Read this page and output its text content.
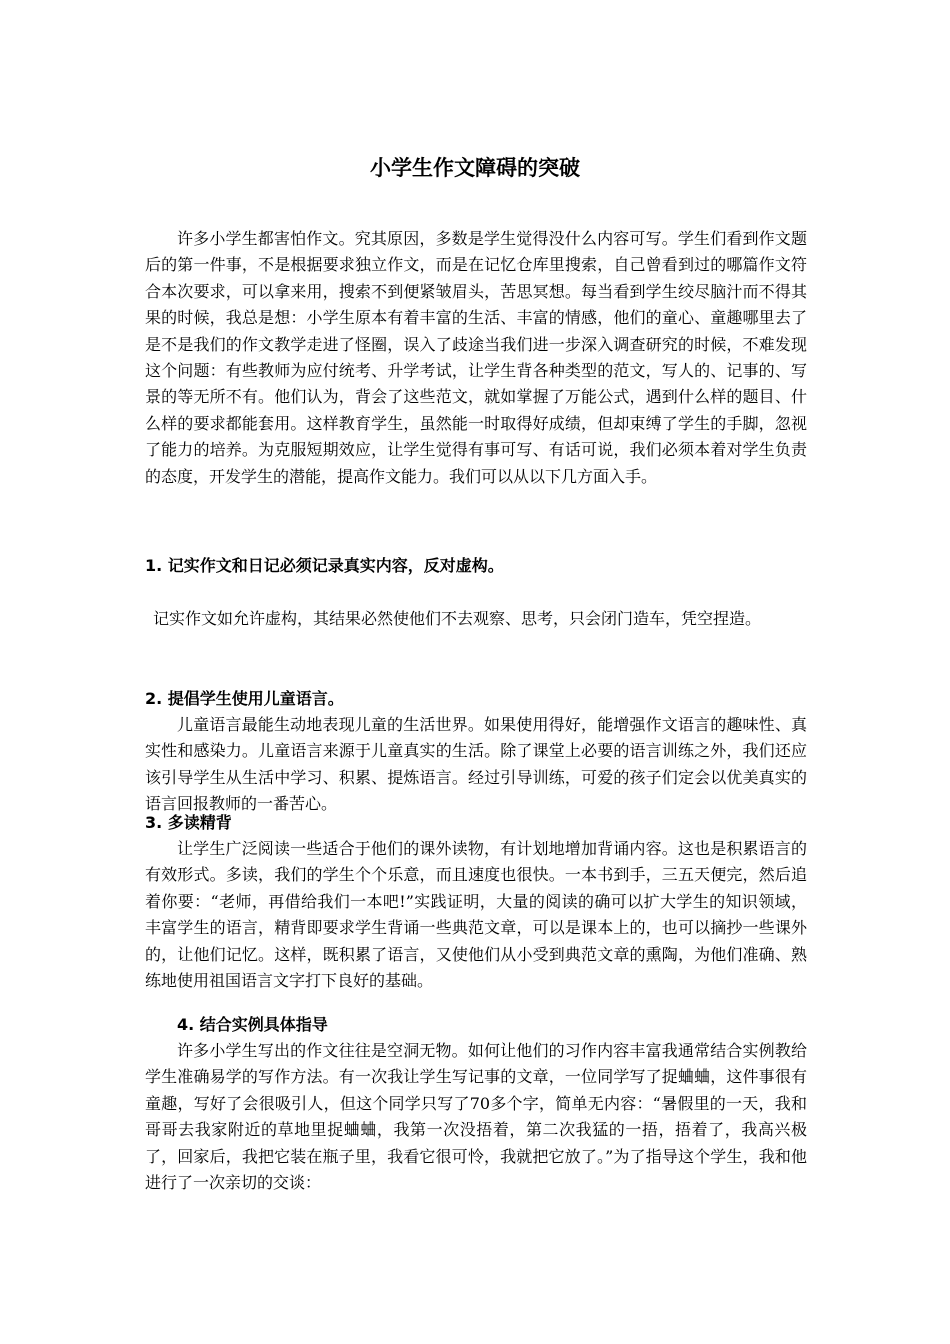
小学生作文障碍的突破

许多小学生都害怕作文。究其原因，多数是学生觉得没什么内容可写。学生们看到作文题后的第一件事，不是根据要求独立作文，而是在记忆仓库里搜索，自己曾看到过的哪篇作文符合本次要求，可以拿来用，搜索不到便紧皱眉头，苦思冥想。每当看到学生绞尽脑汁而不得其果的时候，我总是想：小学生原本有着丰富的生活、丰富的情感，他们的童心、童趣哪里去了是不是我们的作文教学走进了怪圈，误入了歧途当我们进一步深入调查研究的时候，不难发现这个问题：有些教师为应付统考、升学考试，让学生背各种类型的范文，写人的、记事的、写景的等无所不有。他们认为，背会了这些范文，就如掌握了万能公式，遇到什么样的题目、什么样的要求都能套用。这样教育学生，虽然能一时取得好成绩，但却束缚了学生的手脚，忽视了能力的培养。为克服短期效应，让学生觉得有事可写、有话可说，我们必须本着对学生负责的态度，开发学生的潜能，提高作文能力。我们可以从以下几方面入手。

1. 记实作文和日记必须记录真实内容，反对虚构。

记实作文如允许虚构，其结果必然使他们不去观察、思考，只会闭门造车，凭空捏造。

2. 提倡学生使用儿童语言。

儿童语言最能生动地表现儿童的生活世界。如果使用得好，能增强作文语言的趣味性、真实性和感染力。儿童语言来源于儿童真实的生活。除了课堂上必要的语言训练之外，我们还应该引导学生从生活中学习、积累、提炼语言。经过引导训练，可爱的孩子们定会以优美真实的语言回报教师的一番苦心。

3. 多读精背

让学生广泛阅读一些适合于他们的课外读物，有计划地增加背诵内容。这也是积累语言的有效形式。多读，我们的学生个个乐意，而且速度也很快。一本书到手，三五天便完，然后追着你要：“老师，再借给我们一本吧!”实践证明，大量的阅读的确可以扩大学生的知识领域，丰富学生的语言，精背即要求学生背诵一些典范文章，可以是课本上的，也可以摘抄一些课外的，让他们记忆。这样，既积累了语言，又使他们从小受到典范文章的熏陶，为他们准确、熟练地使用祖国语言文字打下良好的基础。

4. 结合实例具体指导

许多小学生写出的作文往往是空洞无物。如何让他们的习作内容丰富我通常结合实例教给学生准确易学的写作方法。有一次我让学生写记事的文章，一位同学写了捉蛐蛐，这件事很有童趣，写好了会很吸引人，但这个同学只写了70多个字，简单无内容：“暑假里的一天，我和哥哥去我家附近的草地里捉蛐蛐，我第一次没捂着，第二次我猛的一捂，捂着了，我高兴极了，回家后，我把它装在瓶子里，我看它很可怜，我就把它放了。”为了指导这个学生，我和他进行了一次亲切的交谈：
